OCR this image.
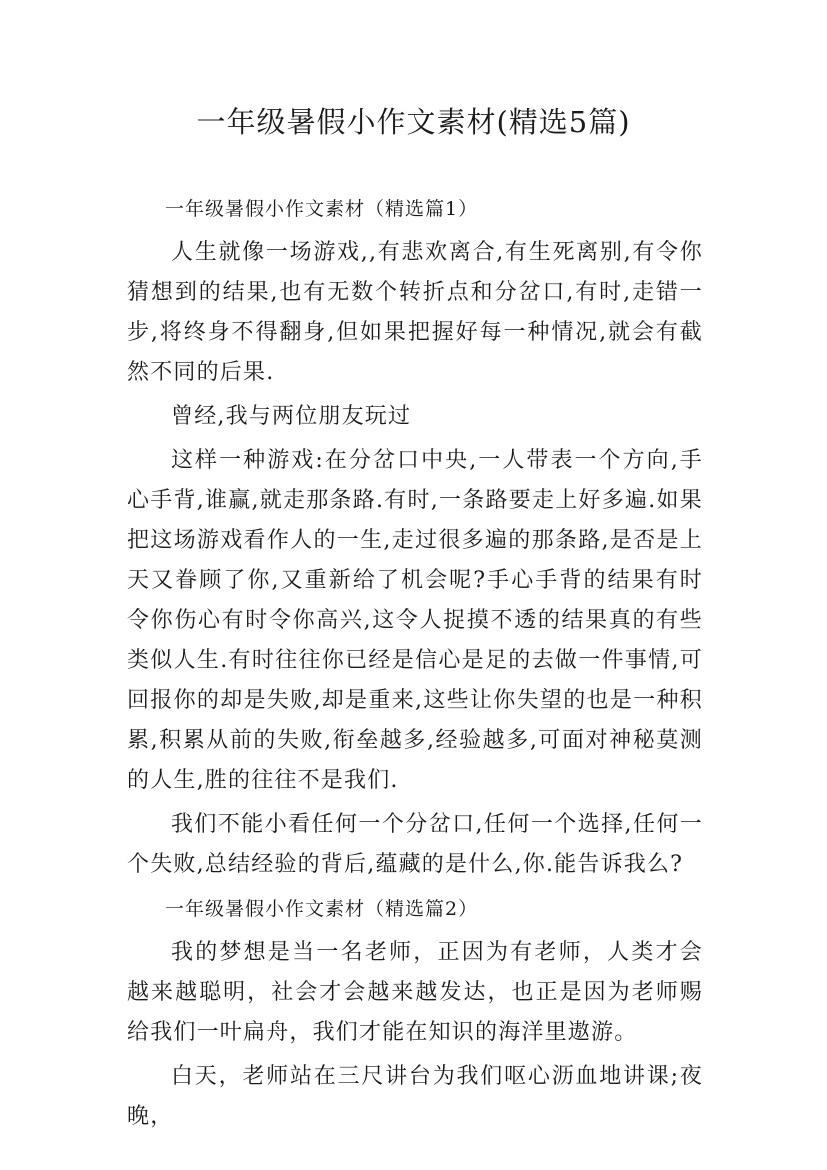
一年级暑假小作文素材(精选5篇)

一年级暑假小作文素材（精选篇1）

人生就像一场游戏,,有悲欢离合,有生死离别,有令你猜想到的结果,也有无数个转折点和分岔口,有时,走错一步,将终身不得翻身,但如果把握好每一种情况,就会有截然不同的后果.

曾经,我与两位朋友玩过

这样一种游戏:在分岔口中央,一人带表一个方向,手心手背,谁赢,就走那条路.有时,一条路要走上好多遍.如果把这场游戏看作人的一生,走过很多遍的那条路,是否是上天又眷顾了你,又重新给了机会呢?手心手背的结果有时令你伤心有时令你高兴,这令人捉摸不透的结果真的有些类似人生.有时往往你已经是信心是足的去做一件事情,可回报你的却是失败,却是重来,这些让你失望的也是一种积累,积累从前的失败,衔垒越多,经验越多,可面对神秘莫测的人生,胜的往往不是我们.

我们不能小看任何一个分岔口,任何一个选择,任何一个失败,总结经验的背后,蕴藏的是什么,你.能告诉我么?

一年级暑假小作文素材（精选篇2）

我的梦想是当一名老师，正因为有老师，人类才会越来越聪明，社会才会越来越发达，也正是因为老师赐给我们一叶扁舟，我们才能在知识的海洋里遨游。

白天，老师站在三尺讲台为我们呕心沥血地讲课;夜晚，
